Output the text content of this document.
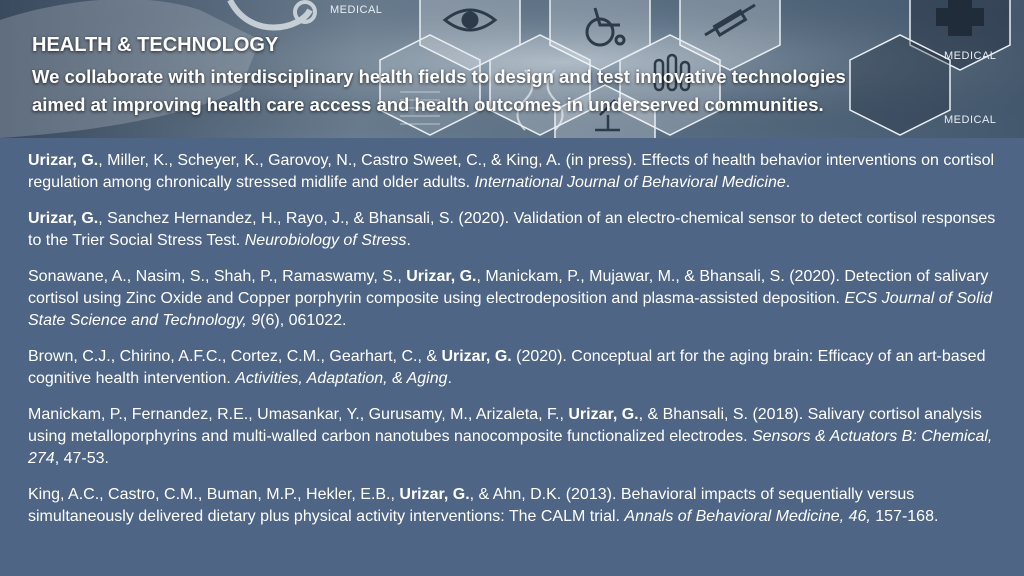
MEDICAL
MEDICAL
MEDICAL
HEALTH & TECHNOLOGY
We collaborate with interdisciplinary health fields to design and test innovative technologies
aimed at improving health care access and health outcomes in underserved communities.

Urizar, G., Miller, K., Scheyer, K., Garovoy, N., Castro Sweet, C., & King, A. (in press). Effects of health behavior interventions on cortisol regulation among chronically stressed midlife and older adults. International Journal of Behavioral Medicine.

Urizar, G., Sanchez Hernandez, H., Rayo, J., & Bhansali, S. (2020). Validation of an electro-chemical sensor to detect cortisol responses to the Trier Social Stress Test. Neurobiology of Stress.

Sonawane, A., Nasim, S., Shah, P., Ramaswamy, S., Urizar, G., Manickam, P., Mujawar, M., & Bhansali, S. (2020). Detection of salivary cortisol using Zinc Oxide and Copper porphyrin composite using electrodeposition and plasma-assisted deposition. ECS Journal of Solid State Science and Technology, 9(6), 061022.

Brown, C.J., Chirino, A.F.C., Cortez, C.M., Gearhart, C., & Urizar, G. (2020). Conceptual art for the aging brain: Efficacy of an art-based cognitive health intervention. Activities, Adaptation, & Aging.

Manickam, P., Fernandez, R.E., Umasankar, Y., Gurusamy, M., Arizaleta, F., Urizar, G., & Bhansali, S. (2018). Salivary cortisol analysis using metalloporphyrins and multi-walled carbon nanotubes nanocomposite functionalized electrodes. Sensors & Actuators B: Chemical, 274, 47-53.

King, A.C., Castro, C.M., Buman, M.P., Hekler, E.B., Urizar, G., & Ahn, D.K. (2013). Behavioral impacts of sequentially versus simultaneously delivered dietary plus physical activity interventions: The CALM trial. Annals of Behavioral Medicine, 46, 157-168.
